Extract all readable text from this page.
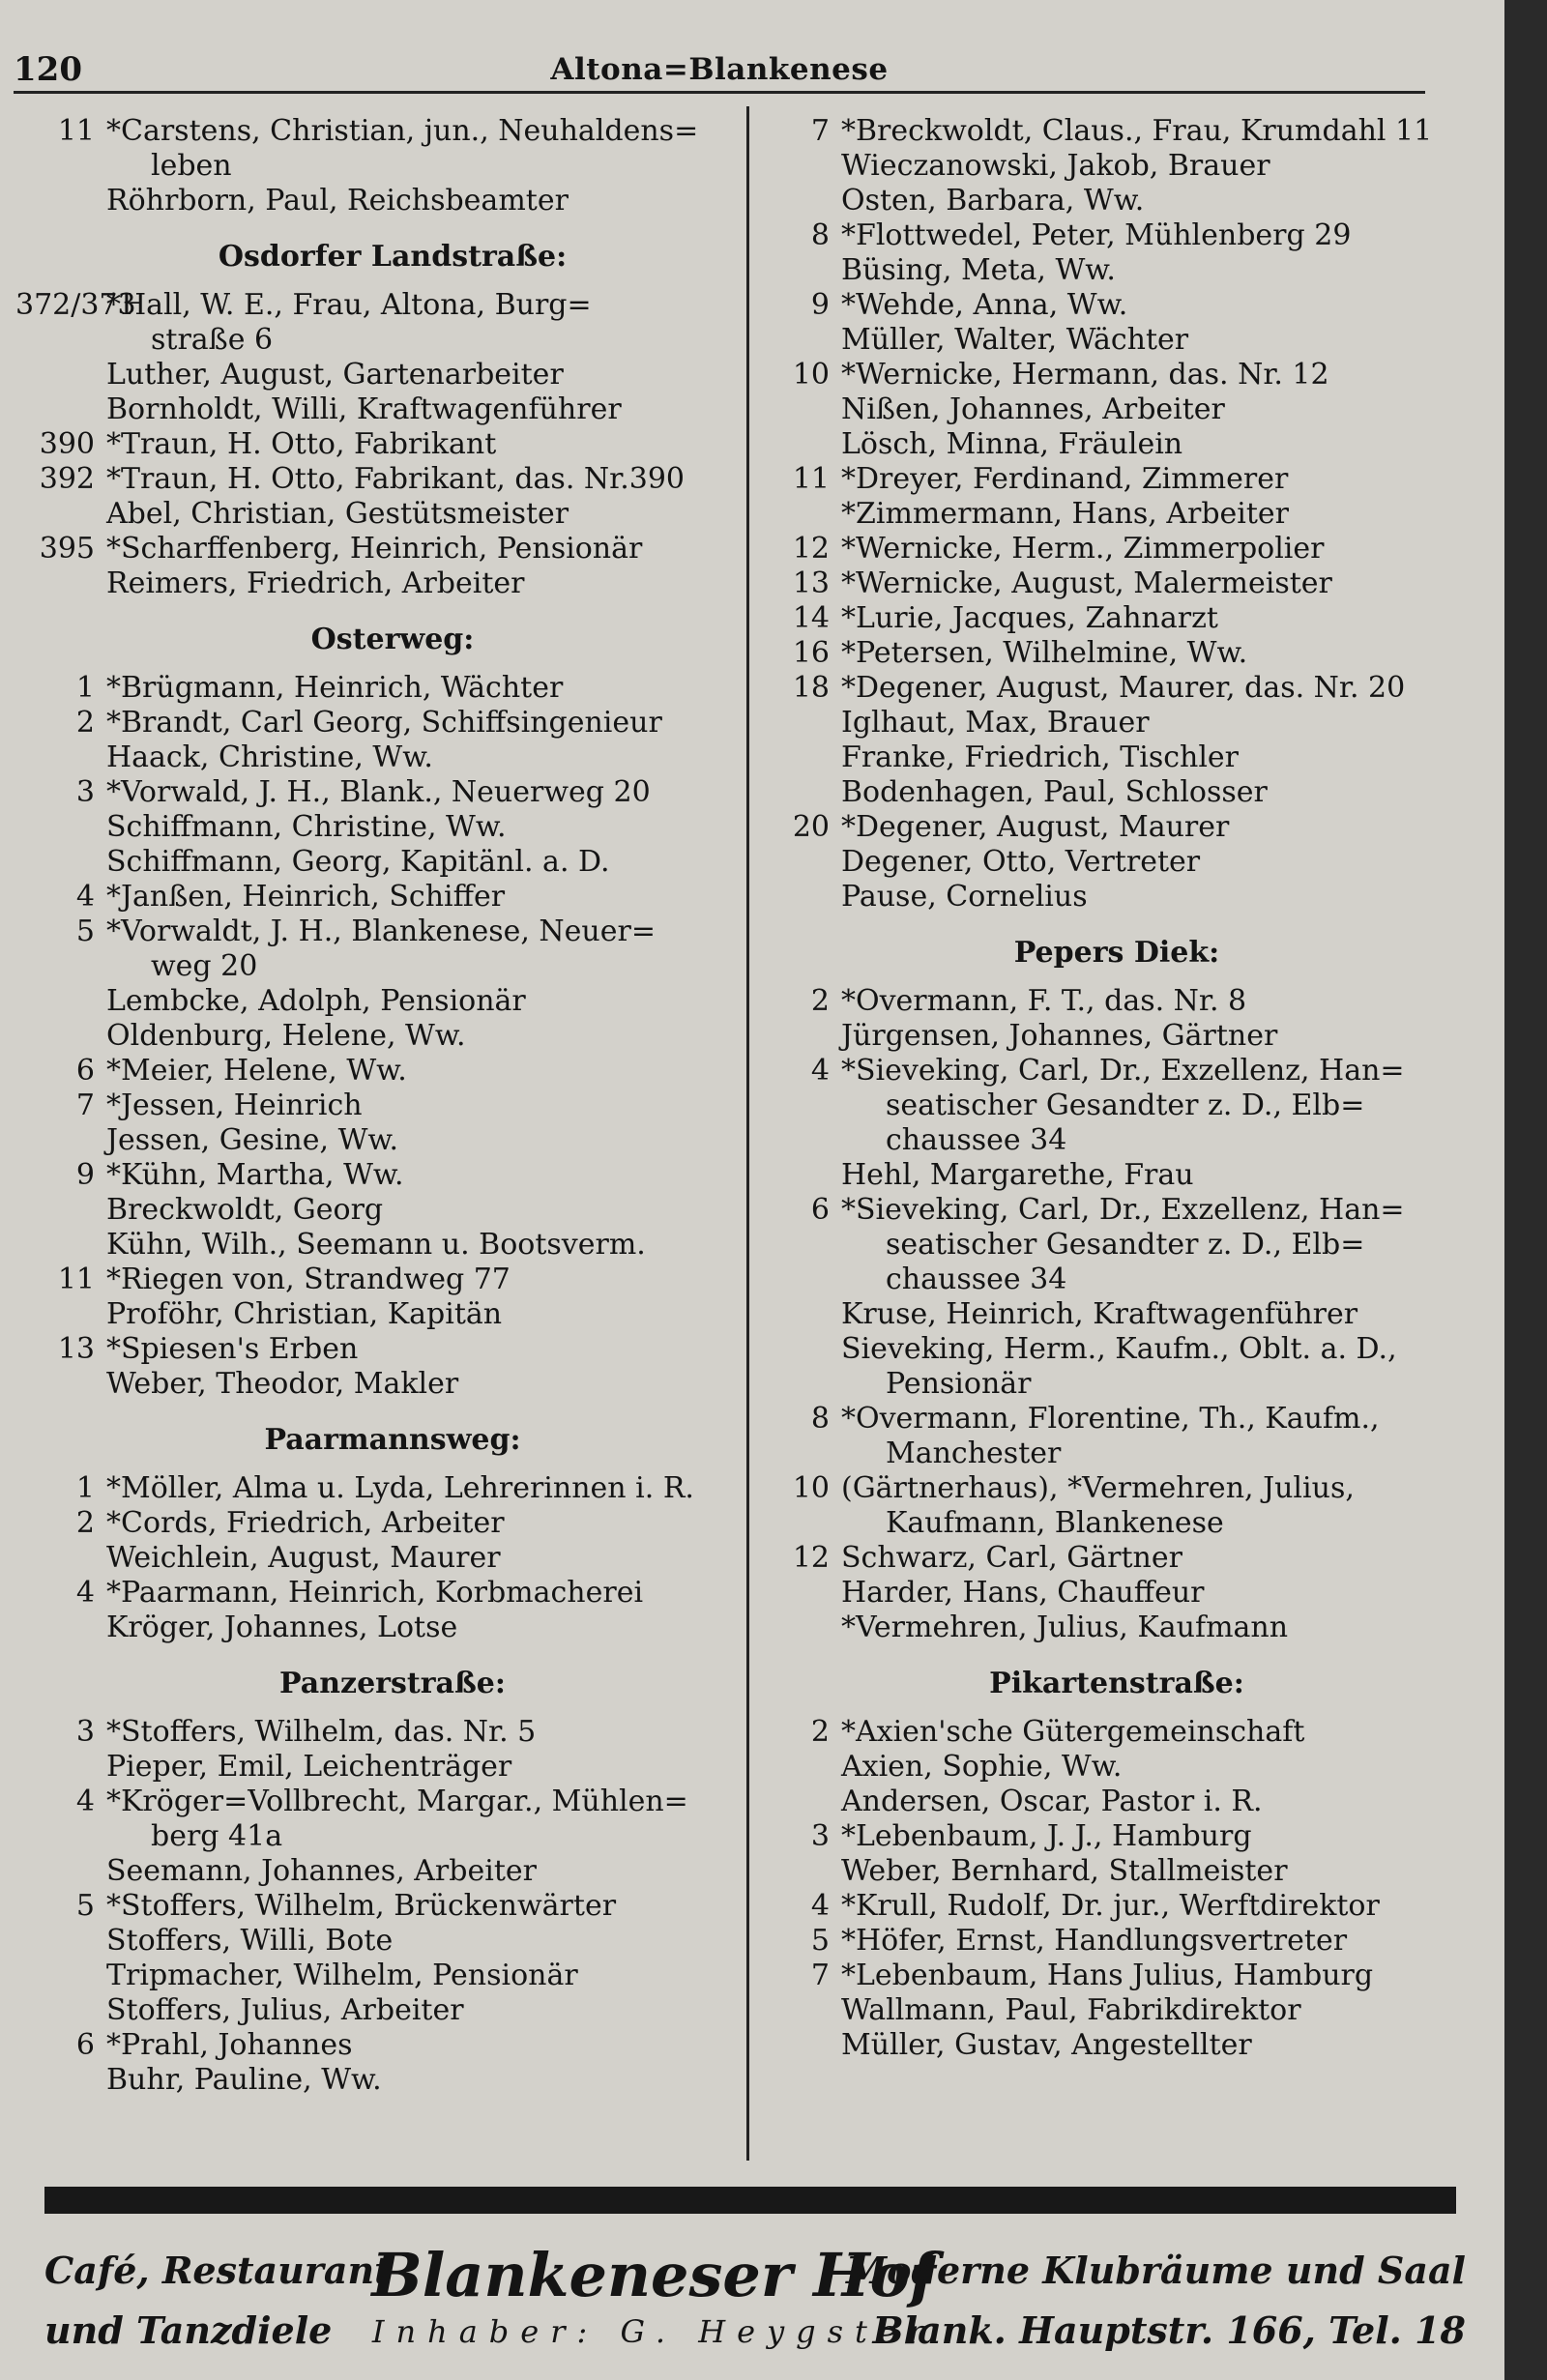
120	Altona=Blankenese
11 *Carstens, Christian, jun., Neuhaldens=
leben
Röhrborn, Paul, Reichsbeamter
Osdorfer Landstraße:
372/373
*Hall, W. E., Frau, Altona, Burg=
straße 6
Luther, August, Gartenarbeiter
Bornholdt, Willi, Kraftwagenführer
390 *Traun, H. Otto, Fabrikant
392 *Traun, H. Otto, Fabrikant, das. Nr.390
Abel, Christian, Gestütsmeister
395 *Scharffenberg, Heinrich, Pensionär
Reimers, Friedrich, Arbeiter
Osterweg:
1 *Brügmann, Heinrich, Wächter
2 *Brandt, Carl Georg, Schiffsingenieur
Haack, Christine, Ww.
3 *Vorwald, J. H., Blank., Neuerweg 20
Schiffmann, Christine, Ww.
Schiffmann, Georg, Kapitänl. a. D.
4 *Janßen, Heinrich, Schiffer
5 *Vorwaldt, J. H., Blankenese, Neuer=
weg 20
Lembcke, Adolph, Pensionär
Oldenburg, Helene, Ww.
6 *Meier, Helene, Ww.
7 *Jessen, Heinrich
Jessen, Gesine, Ww.
9 *Kühn, Martha, Ww.
Breckwoldt, Georg
Kühn, Wilh., Seemann u. Bootsverm.
11 *Riegen von, Strandweg 77
Proföhr, Christian, Kapitän
13 *Spiesen's Erben
Weber, Theodor, Makler
Paarmannsweg:
1 *Möller, Alma u. Lyda, Lehrerinnen i. R.
2 *Cords, Friedrich, Arbeiter
Weichlein, August, Maurer
4 *Paarmann, Heinrich, Korbmacherei
Kröger, Johannes, Lotse
Panzerstraße:
3 *Stoffers, Wilhelm, das. Nr. 5
Pieper, Emil, Leichenträger
4 *Kröger=Vollbrecht, Margar., Mühlen=
berg 41a
Seemann, Johannes, Arbeiter
5 *Stoffers, Wilhelm, Brückenwärter
Stoffers, Willi, Bote
Tripmacher, Wilhelm, Pensionär
Stoffers, Julius, Arbeiter
6 *Prahl, Johannes
Buhr, Pauline, Ww.
7 *Breckwoldt, Claus., Frau, Krumdahl 11
Wieczanowski, Jakob, Brauer
Osten, Barbara, Ww.
8 *Flottwedel, Peter, Mühlenberg 29
Büsing, Meta, Ww.
9 *Wehde, Anna, Ww.
Müller, Walter, Wächter
10 *Wernicke, Hermann, das. Nr. 12
Nißen, Johannes, Arbeiter
Lösch, Minna, Fräulein
11 *Dreyer, Ferdinand, Zimmerer
*Zimmermann, Hans, Arbeiter
12 *Wernicke, Herm., Zimmerpolier
13 *Wernicke, August, Malermeister
14 *Lurie, Jacques, Zahnarzt
16 *Petersen, Wilhelmine, Ww.
18 *Degener, August, Maurer, das. Nr. 20
Iglhaut, Max, Brauer
Franke, Friedrich, Tischler
Bodenhagen, Paul, Schlosser
20 *Degener, August, Maurer
Degener, Otto, Vertreter
Pause, Cornelius
Pepers Diek:
2 *Overmann, F. T., das. Nr. 8
Jürgensen, Johannes, Gärtner
4 *Sieveking, Carl, Dr., Exzellenz, Han=
seatischer Gesandter z. D., Elb=
chaussee 34
Hehl, Margarethe, Frau
6 *Sieveking, Carl, Dr., Exzellenz, Han=
seatischer Gesandter z. D., Elb=
chaussee 34
Kruse, Heinrich, Kraftwagenführer
Sieveking, Herm., Kaufm., Oblt. a. D.,
Pensionär
8 *Overmann, Florentine, Th., Kaufm.,
Manchester
10 (Gärtnerhaus), *Vermehren, Julius,
Kaufmann, Blankenese
12 Schwarz, Carl, Gärtner
Harder, Hans, Chauffeur
*Vermehren, Julius, Kaufmann
Pikartenstraße:
2 *Axien'sche Gütergemeinschaft
Axien, Sophie, Ww.
Andersen, Oscar, Pastor i. R.
3 *Lebenbaum, J. J., Hamburg
Weber, Bernhard, Stallmeister
4 *Krull, Rudolf, Dr. jur., Werftdirektor
5 *Höfer, Ernst, Handlungsvertreter
7 *Lebenbaum, Hans Julius, Hamburg
Wallmann, Paul, Fabrikdirektor
Müller, Gustav, Angestellter
Café, Restaurant
und Tanzdiele
Blankeneser Hof
Inhaber: G. Heygster
Moderne Klubräume und Saal
Blank. Hauptstr. 166, Tel. 18
